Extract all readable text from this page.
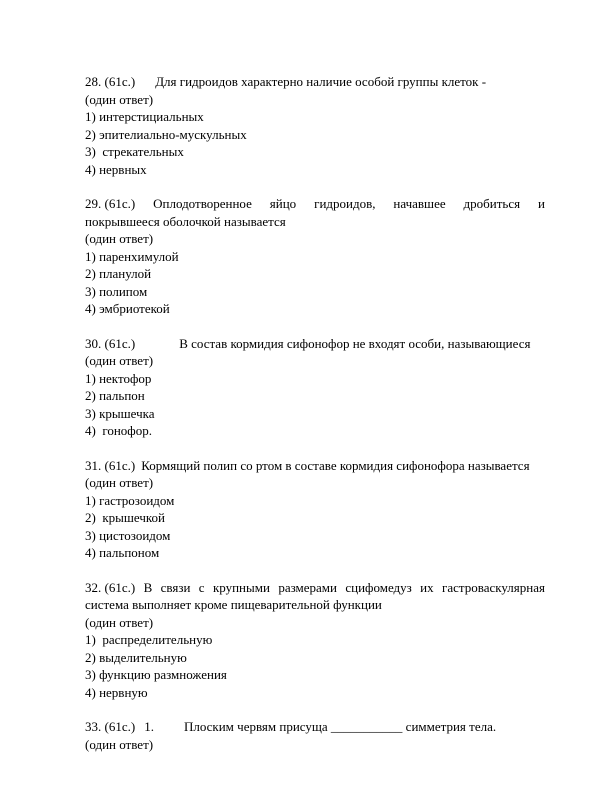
28. (61с.) Для гидроидов характерно наличие особой группы клеток -
(один ответ)
1) интерстициальных
2) эпителиально-мускульных
3)  стрекательных
4) нервных
29. (61с.) Оплодотворенное яйцо гидроидов, начавшее дробиться и
покрывшееся оболочкой называется
(один ответ)
1) паренхимулой
2) планулой
3) полипом
4) эмбриотекой
30. (61с.)	В состав кормидия сифонофор не входят особи, называющиеся
(один ответ)
1) нектофор
2) пальпон
3) крышечка
4)  гонофор.
31. (61с.) Кормящий полип со ртом в составе кормидия сифонофора называется
(один ответ)
1) гастрозоидом
2)  крышечкой
3) цистозоидом
4) пальпоном
32. (61с.) В связи с крупными размерами сцифомедуз их гастроваскулярная
система выполняет кроме пищеварительной функции
(один ответ)
1)  распределительную
2) выделительную
3) функцию размножения
4) нервную
33. (61с.) 1. Плоским червям присуща ___________ симметрия тела.
(один ответ)
